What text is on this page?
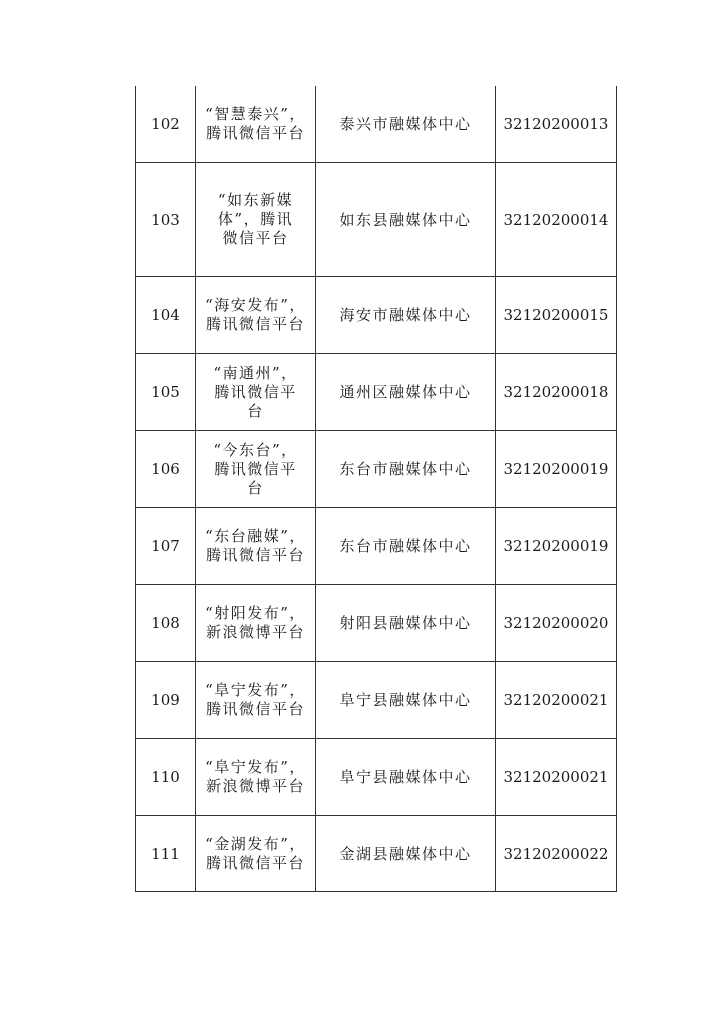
102	“智慧泰兴”，腾讯微信平台	泰兴市融媒体中心	32120200013
103	“如东新媒体”，腾讯微信平台	如东县融媒体中心	32120200014
104	“海安发布”，腾讯微信平台	海安市融媒体中心	32120200015
105	“南通州”，腾讯微信平台	通州区融媒体中心	32120200018
106	“今东台”，腾讯微信平台	东台市融媒体中心	32120200019
107	“东台融媒”，腾讯微信平台	东台市融媒体中心	32120200019
108	“射阳发布”，新浪微博平台	射阳县融媒体中心	32120200020
109	“阜宁发布”，腾讯微信平台	阜宁县融媒体中心	32120200021
110	“阜宁发布”，新浪微博平台	阜宁县融媒体中心	32120200021
111	“金湖发布”，腾讯微信平台	金湖县融媒体中心	32120200022
